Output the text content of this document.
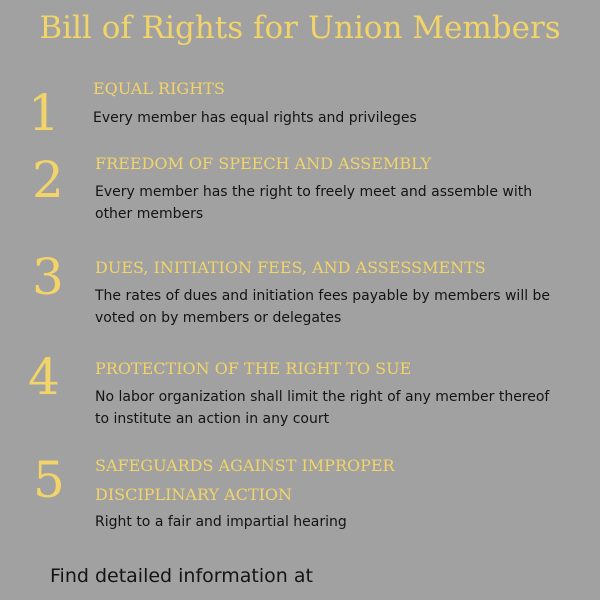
Bill of Rights for Union Members
1 EQUAL RIGHTS
Every member has equal rights and privileges
2 FREEDOM OF SPEECH AND ASSEMBLY
Every member has the right to freely meet and assemble with other members
3 DUES, INITIATION FEES, AND ASSESSMENTS
The rates of dues and initiation fees payable by members will be voted on by members or delegates
4 PROTECTION OF THE RIGHT TO SUE
No labor organization shall limit the right of any member thereof to institute an action in any court
5 SAFEGUARDS AGAINST IMPROPER
DISCIPLINARY ACTION
Right to a fair and impartial hearing
Find detailed information at
